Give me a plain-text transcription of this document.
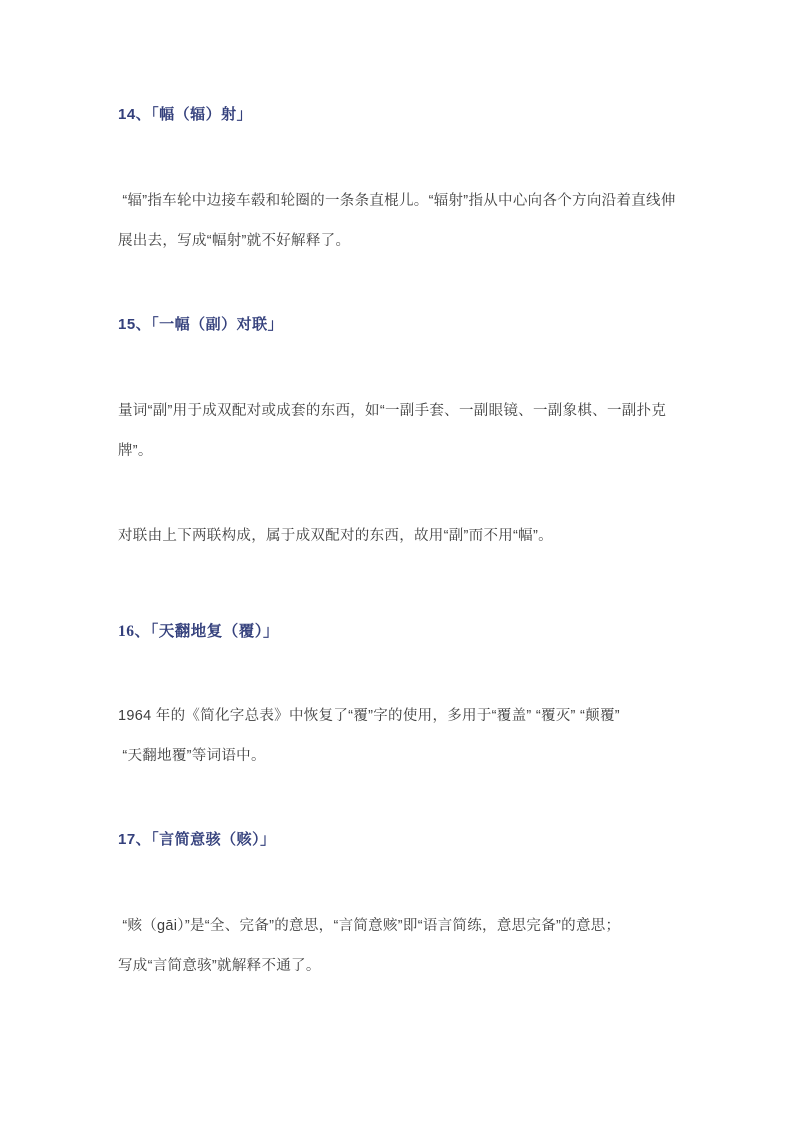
14、「幅（辐）射」
“辐”指车轮中边接车毂和轮圈的一条条直棍儿。“辐射”指从中心向各个方向沿着直线伸
展出去，写成“幅射”就不好解释了。
15、「一幅（副）对联」
量词“副”用于成双配对或成套的东西，如“一副手套、一副眼镜、一副象棋、一副扑克
牌”。
对联由上下两联构成，属于成双配对的东西，故用“副”而不用“幅”。
16、「天翻地复（覆）」
1964 年的《简化字总表》中恢复了“覆”字的使用，多用于“覆盖” “覆灭” “颠覆”
“天翻地覆”等词语中。
17、「言简意骇（赅）」
“赅（gāi）”是“全、完备”的意思，“言简意赅”即“语言简练，意思完备”的意思；
写成“言简意骇”就解释不通了。
